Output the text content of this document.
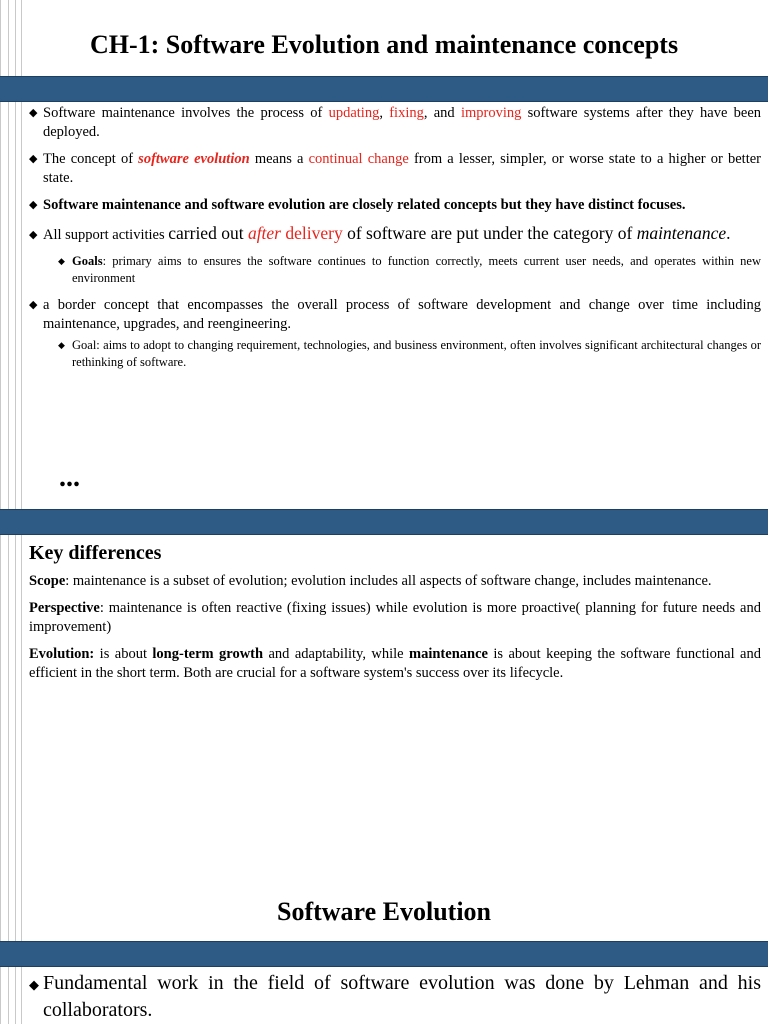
CH-1: Software Evolution and maintenance concepts
◆ Software maintenance involves the process of updating, fixing, and improving software systems after they have been deployed.
◆ The concept of software evolution means a continual change from a lesser, simpler, or worse state to a higher or better state.
◆ Software maintenance and software evolution are closely related concepts but they have distinct focuses.
◆ All support activities carried out after delivery of software are put under the category of maintenance.
◆ Goals: primary aims to ensures the software continues to function correctly, meets current user needs, and operates within new environment
◆ a border concept that encompasses the overall process of software development and change over time including maintenance, upgrades, and reengineering.
◆ Goal: aims to adopt to changing requirement, technologies, and business environment, often involves significant architectural changes or rethinking of software.
...
Key differences

Scope: maintenance is a subset of evolution; evolution includes all aspects of software change, includes maintenance.

Perspective: maintenance is often reactive (fixing issues) while evolution is more proactive( planning for future needs and improvement)

Evolution: is about long-term growth and adaptability, while maintenance is about keeping the software functional and efficient in the short term. Both are crucial for a software system's success over its lifecycle.

Software Evolution
◆ Fundamental work in the field of software evolution was done by Lehman and his collaborators.
